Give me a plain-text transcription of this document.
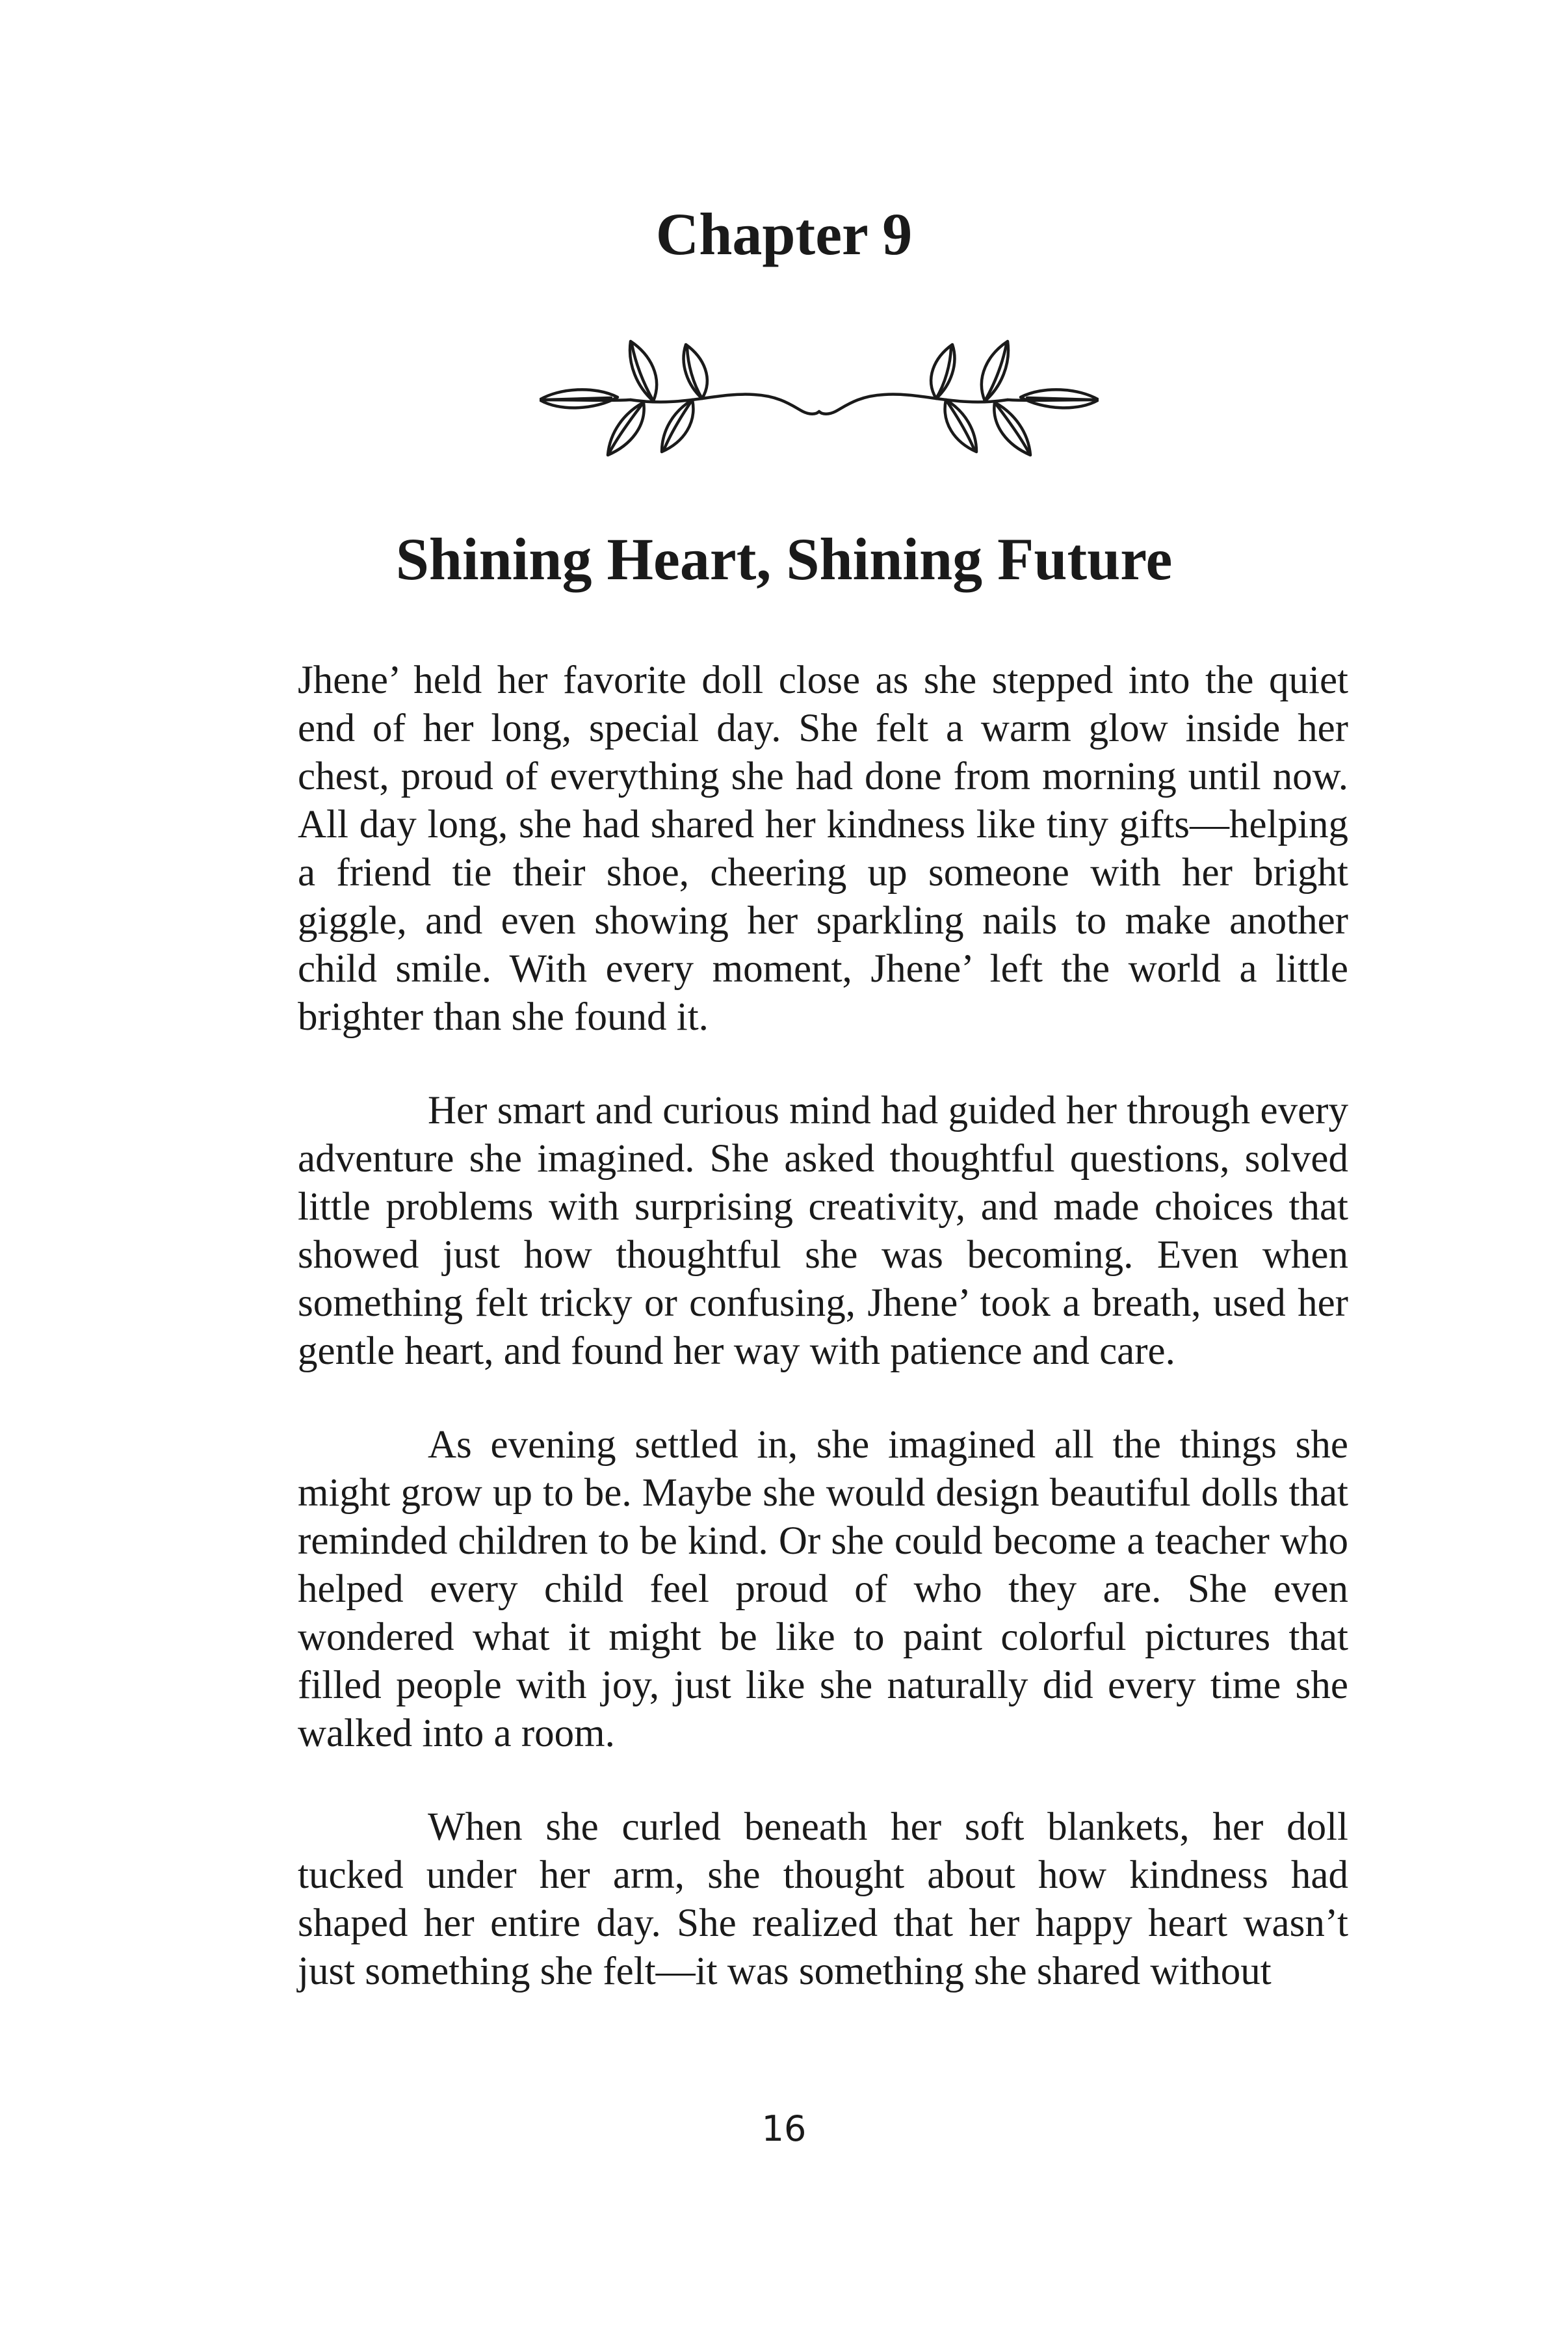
Chapter 9
Shining Heart, Shining Future

Jhene’ held her favorite doll close as she stepped into the quiet end of her long, special day. She felt a warm glow inside her chest, proud of everything she had done from morning until now. All day long, she had shared her kindness like tiny gifts—helping a friend tie their shoe, cheering up someone with her bright giggle, and even showing her sparkling nails to make another child smile. With every moment, Jhene’ left the world a little brighter than she found it.

Her smart and curious mind had guided her through every adventure she imagined. She asked thoughtful questions, solved little problems with surprising creativity, and made choices that showed just how thoughtful she was becoming. Even when something felt tricky or confusing, Jhene’ took a breath, used her gentle heart, and found her way with patience and care.

As evening settled in, she imagined all the things she might grow up to be. Maybe she would design beautiful dolls that reminded children to be kind. Or she could become a teacher who helped every child feel proud of who they are. She even wondered what it might be like to paint colorful pictures that filled people with joy, just like she naturally did every time she walked into a room.

When she curled beneath her soft blankets, her doll tucked under her arm, she thought about how kindness had shaped her entire day. She realized that her happy heart wasn’t just something she felt—it was something she shared without

16
